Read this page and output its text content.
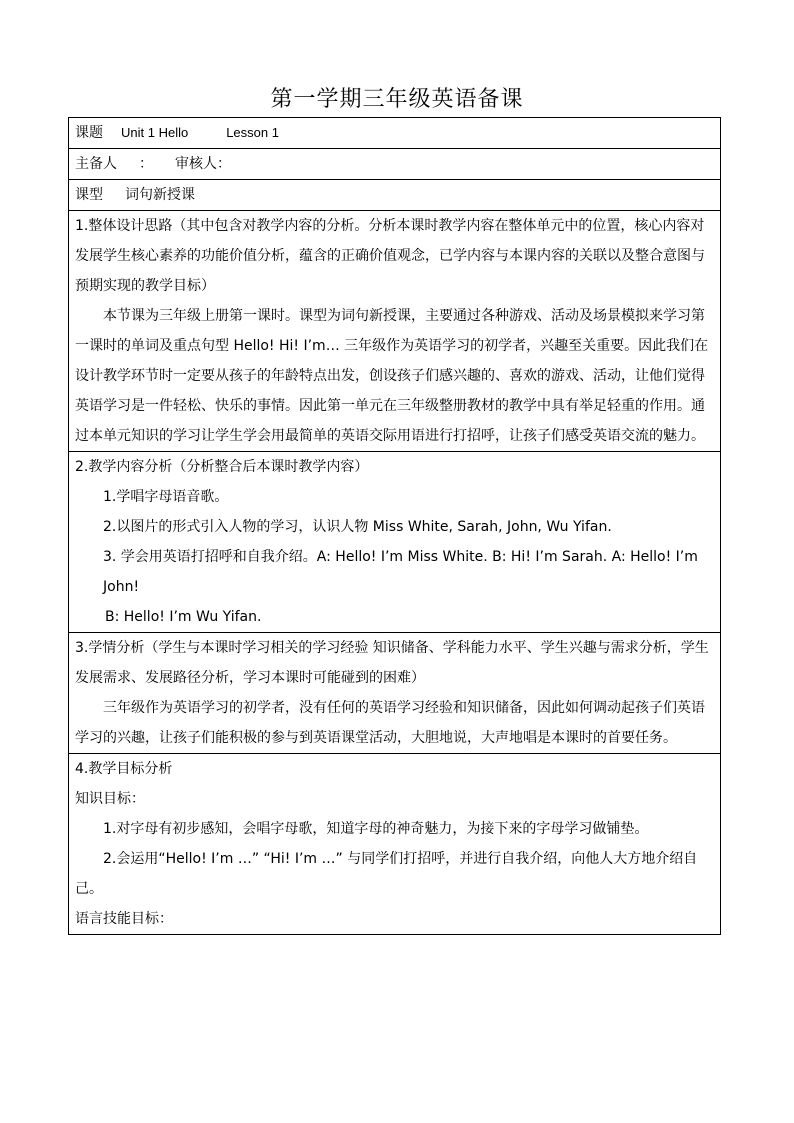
第一学期三年级英语备课
课题 Unit 1 Hello	Lesson 1
主备人 ： 审核人：
课型 词句新授课

1.整体设计思路（其中包含对教学内容的分析。分析本课时教学内容在整体单元中的位置，核心内容对发展学生核心素养的功能价值分析，蕴含的正确价值观念，已学内容与本课内容的关联以及整合意图与预期实现的教学目标）

本节课为三年级上册第一课时。课型为词句新授课，主要通过各种游戏、活动及场景模拟来学习第一课时的单词及重点句型 Hello! Hi! I’m… 三年级作为英语学习的初学者，兴趣至关重要。因此我们在设计教学环节时一定要从孩子的年龄特点出发，创设孩子们感兴趣的、喜欢的游戏、活动，让他们觉得英语学习是一件轻松、快乐的事情。因此第一单元在三年级整册教材的教学中具有举足轻重的作用。通过本单元知识的学习让学生学会用最简单的英语交际用语进行打招呼，让孩子们感受英语交流的魅力。

2.教学内容分析（分析整合后本课时教学内容）

1.学唱字母语音歌。

2.以图片的形式引入人物的学习，认识人物 Miss White, Sarah, John, Wu Yifan.

3. 学会用英语打招呼和自我介绍。A: Hello! I’m Miss White. B: Hi! I’m Sarah. A: Hello! I’m John!

B: Hello! I’m Wu Yifan.

3.学情分析（学生与本课时学习相关的学习经验 知识储备、学科能力水平、学生兴趣与需求分析，学生发展需求、发展路径分析，学习本课时可能碰到的困难）

三年级作为英语学习的初学者，没有任何的英语学习经验和知识储备，因此如何调动起孩子们英语学习的兴趣，让孩子们能积极的参与到英语课堂活动，大胆地说，大声地唱是本课时的首要任务。

4.教学目标分析

知识目标：

1.对字母有初步感知，会唱字母歌，知道字母的神奇魅力，为接下来的字母学习做铺垫。

2.会运用“Hello! I’m …” “Hi! I’m …” 与同学们打招呼，并进行自我介绍，向他人大方地介绍自己。

语言技能目标：
